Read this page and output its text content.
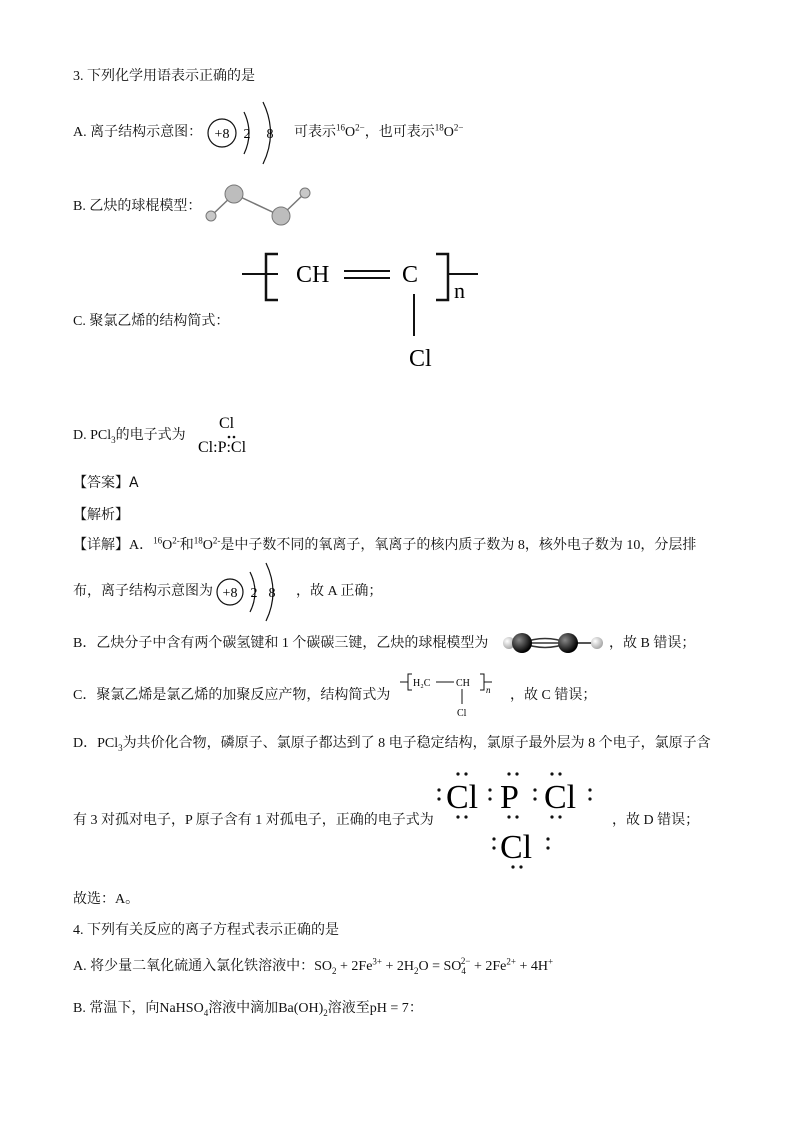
3. 下列化学用语表示正确的是
A. 离子结构示意图： +8 2 8 可表示$^{16}O^{2-}$，也可表示$^{18}O^{2-}$
B. 乙炔的球棍模型：
CH	C
n
Cl
C. 聚氯乙烯的结构简式：
D. PCl$_3$的电子式为
Cl
Cl:P:Cl
【答案】A
【解析】
【详解】A．$^{16}O^{2-}$和$^{18}O^{2-}$是中子数不同的氧离子，氧离子的核内质子数为 8，核外电子数为 10，分层排
布，离子结构示意图为 +8 2 8 ，故 A 正确；
B．乙炔分子中含有两个碳氢键和 1 个碳碳三键，乙炔的球棍模型为	，故 B 错误；
C．聚氯乙烯是氯乙烯的加聚反应产物，结构简式为
H₂C	CH
n
Cl
，故 C 错误；
D．PCl$_3$为共价化合物，磷原子、氯原子都达到了 8 电子稳定结构，氯原子最外层为 8 个电子，氯原子含
有 3 对孤对电子，P 原子含有 1 对孤电子，正确的电子式为
Cl P Cl
Cl
，故 D 错误；
故选：A。
4. 下列有关反应的离子方程式表示正确的是
A. 将少量二氧化硫通入氯化铁溶液中：$SO_2 + 2Fe^{3+} + 2H_2O = SO_4^{2-} + 2Fe^{2+} + 4H^+$
B. 常温下，向NaHSO$_4$溶液中滴加$Ba(OH)_2$溶液至pH = 7：
